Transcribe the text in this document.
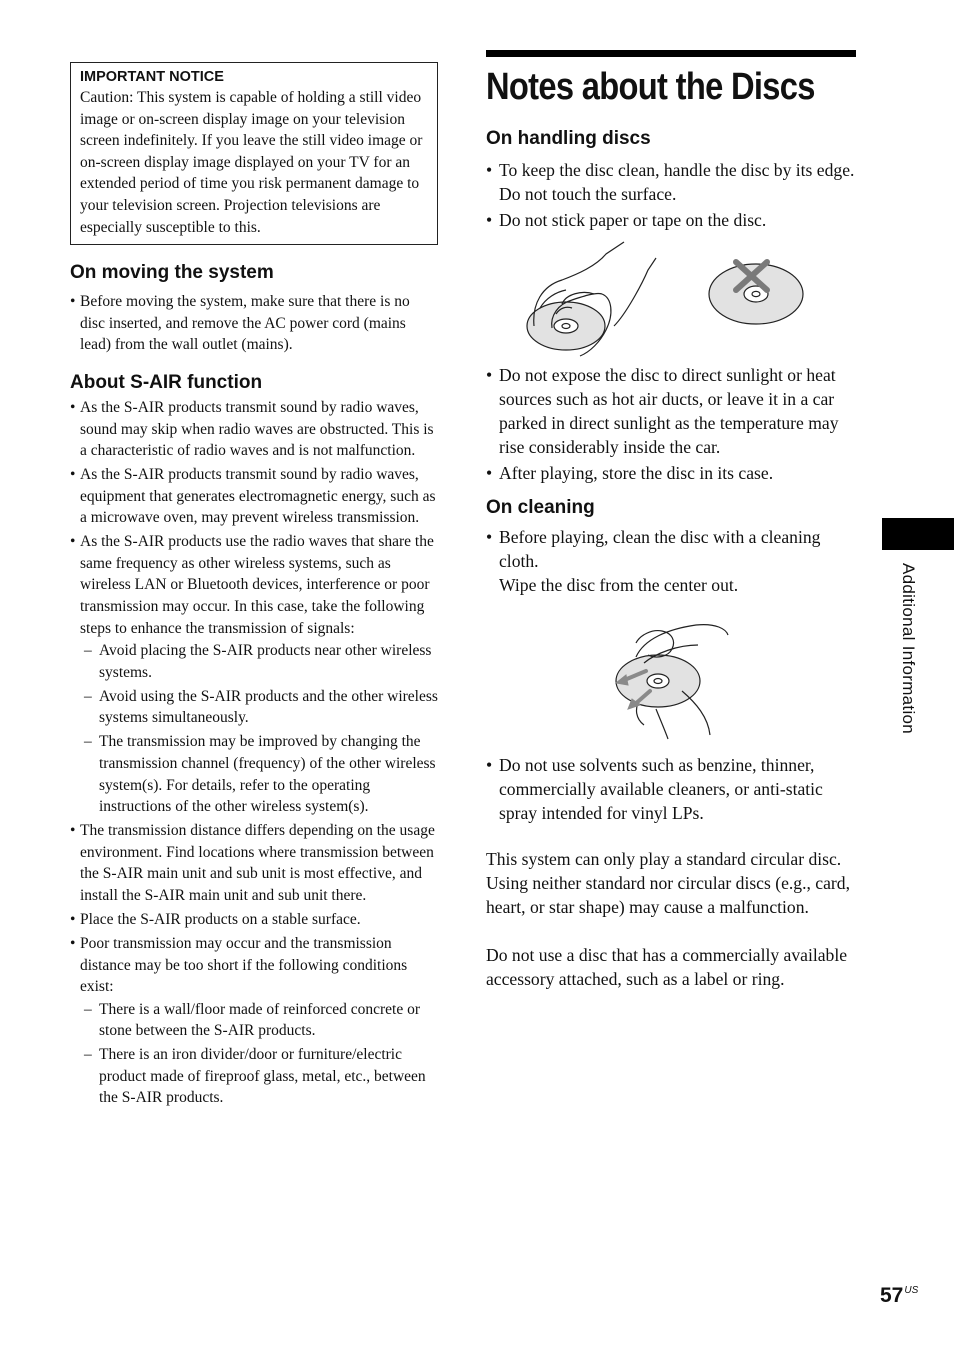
IMPORTANT NOTICE
Caution: This system is capable of holding a still video image or on-screen display image on your television screen indefinitely. If you leave the still video image or on-screen display image displayed on your TV for an extended period of time you risk permanent damage to your television screen. Projection televisions are especially susceptible to this.
On moving the system
• Before moving the system, make sure that there is no disc inserted, and remove the AC power cord (mains lead) from the wall outlet (mains).
About S-AIR function
• As the S-AIR products transmit sound by radio waves, sound may skip when radio waves are obstructed. This is a characteristic of radio waves and is not malfunction.
• As the S-AIR products transmit sound by radio waves, equipment that generates electromagnetic energy, such as a microwave oven, may prevent wireless transmission.
• As the S-AIR products use the radio waves that share the same frequency as other wireless systems, such as wireless LAN or Bluetooth devices, interference or poor transmission may occur. In this case, take the following steps to enhance the transmission of signals:
– Avoid placing the S-AIR products near other wireless systems.
– Avoid using the S-AIR products and the other wireless systems simultaneously.
– The transmission may be improved by changing the transmission channel (frequency) of the other wireless system(s). For details, refer to the operating instructions of the other wireless system(s).
• The transmission distance differs depending on the usage environment. Find locations where transmission between the S-AIR main unit and sub unit is most effective, and install the S-AIR main unit and sub unit there.
• Place the S-AIR products on a stable surface.
• Poor transmission may occur and the transmission distance may be too short if the following conditions exist:
– There is a wall/floor made of reinforced concrete or stone between the S-AIR products.
– There is an iron divider/door or furniture/electric product made of fireproof glass, metal, etc., between the S-AIR products.
Notes about the Discs
On handling discs
• To keep the disc clean, handle the disc by its edge. Do not touch the surface.
• Do not stick paper or tape on the disc.
• Do not expose the disc to direct sunlight or heat sources such as hot air ducts, or leave it in a car parked in direct sunlight as the temperature may rise considerably inside the car.
• After playing, store the disc in its case.
On cleaning
• Before playing, clean the disc with a cleaning cloth.
Wipe the disc from the center out.
• Do not use solvents such as benzine, thinner, commercially available cleaners, or anti-static spray intended for vinyl LPs.

This system can only play a standard circular disc. Using neither standard nor circular discs (e.g., card, heart, or star shape) may cause a malfunction.

Do not use a disc that has a commercially available accessory attached, such as a label or ring.

Additional Information
$57^{US}$
